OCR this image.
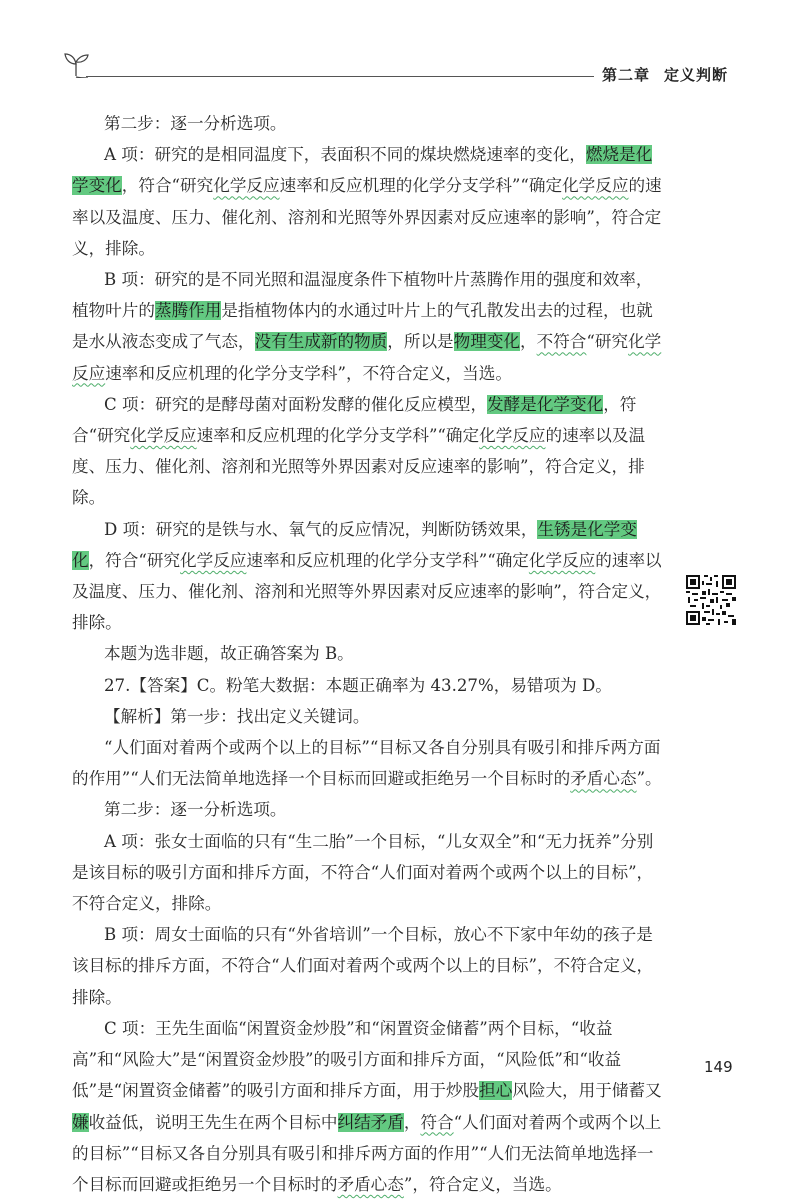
第二章 定义判断

第二步：逐一分析选项。

A 项：研究的是相同温度下，表面积不同的煤块燃烧速率的变化，燃烧是化学变化，符合“研究化学反应速率和反应机理的化学分支学科”“确定化学反应的速率以及温度、压力、催化剂、溶剂和光照等外界因素对反应速率的影响”，符合定义，排除。

B 项：研究的是不同光照和温湿度条件下植物叶片蒸腾作用的强度和效率，植物叶片的蒸腾作用是指植物体内的水通过叶片上的气孔散发出去的过程，也就是水从液态变成了气态，没有生成新的物质，所以是物理变化，不符合“研究化学反应速率和反应机理的化学分支学科”，不符合定义，当选。

C 项：研究的是酵母菌对面粉发酵的催化反应模型，发酵是化学变化，符合“研究化学反应速率和反应机理的化学分支学科”“确定化学反应的速率以及温度、压力、催化剂、溶剂和光照等外界因素对反应速率的影响”，符合定义，排除。

D 项：研究的是铁与水、氧气的反应情况，判断防锈效果，生锈是化学变化，符合“研究化学反应速率和反应机理的化学分支学科”“确定化学反应的速率以及温度、压力、催化剂、溶剂和光照等外界因素对反应速率的影响”，符合定义，排除。

本题为选非题，故正确答案为 B。

27.【答案】C。粉笔大数据：本题正确率为 43.27%，易错项为 D。

【解析】第一步：找出定义关键词。

“人们面对着两个或两个以上的目标”“目标又各自分别具有吸引和排斥两方面的作用”“人们无法简单地选择一个目标而回避或拒绝另一个目标时的矛盾心态”。

第二步：逐一分析选项。

A 项：张女士面临的只有“生二胎”一个目标，“儿女双全”和“无力抚养”分别是该目标的吸引方面和排斥方面，不符合“人们面对着两个或两个以上的目标”，不符合定义，排除。

B 项：周女士面临的只有“外省培训”一个目标，放心不下家中年幼的孩子是该目标的排斥方面，不符合“人们面对着两个或两个以上的目标”，不符合定义，排除。

C 项：王先生面临“闲置资金炒股”和“闲置资金储蓄”两个目标，“收益高”和“风险大”是“闲置资金炒股”的吸引方面和排斥方面，“风险低”和“收益低”是“闲置资金储蓄”的吸引方面和排斥方面，用于炒股担心风险大，用于储蓄又嫌收益低，说明王先生在两个目标中纠结矛盾，符合“人们面对着两个或两个以上的目标”“目标又各自分别具有吸引和排斥两方面的作用”“人们无法简单地选择一个目标而回避或拒绝另一个目标时的矛盾心态”，符合定义，当选。

149
